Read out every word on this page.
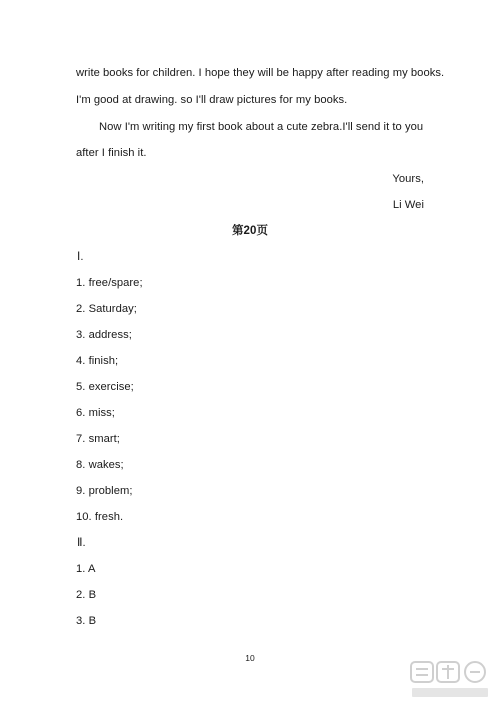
write books for children. I hope they will be happy after reading my books.
I'm good at drawing. so I'll draw pictures for my books.
Now I'm writing my first book about a cute zebra.I'll send it to you
after I finish it.
Yours,
Li Wei
第20页
Ⅰ.
1. free/spare;
2. Saturday;
3. address;
4. finish;
5. exercise;
6. miss;
7. smart;
8. wakes;
9. problem;
10. fresh.
Ⅱ.
1. A
2. B
3. B
10
